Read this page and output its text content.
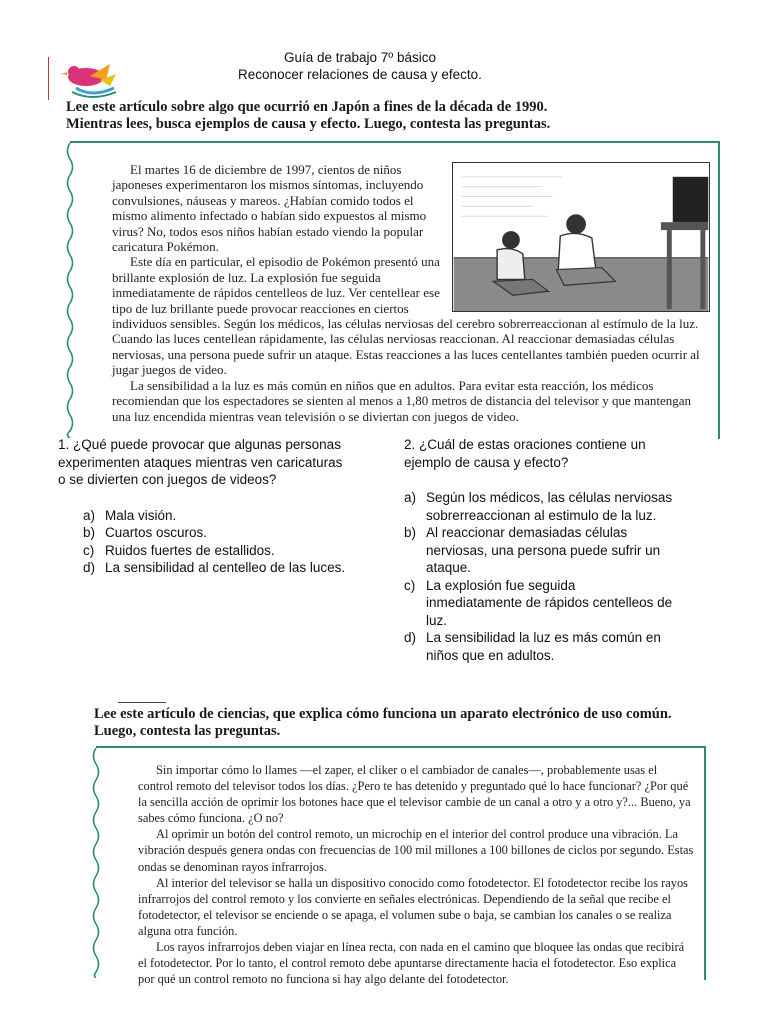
Guía de trabajo 7º básico
Reconocer relaciones de causa y efecto.
Lee este artículo sobre algo que ocurrió en Japón a fines de la década de 1990.
Mientras lees, busca ejemplos de causa y efecto. Luego, contesta las preguntas.

El martes 16 de diciembre de 1997, cientos de niños japoneses experimentaron los mismos síntomas, incluyendo convulsiones, náuseas y mareos. ¿Habían comido todos el mismo alimento infectado o habían sido expuestos al mismo virus? No, todos esos niños habían estado viendo la popular caricatura Pokémon.

Este día en particular, el episodio de Pokémon presentó una brillante explosión de luz. La explosión fue seguida inmediatamente de rápidos centelleos de luz. Ver centellear ese tipo de luz brillante puede provocar reacciones en ciertos individuos sensibles. Según los médicos, las células nerviosas del cerebro sobrerreaccionan al estímulo de la luz. Cuando las luces centellean rápidamente, las células nerviosas reaccionan. Al reaccionar demasiadas células nerviosas, una persona puede sufrir un ataque. Estas reacciones a las luces centellantes también pueden ocurrir al jugar juegos de video.

La sensibilidad a la luz es más común en niños que en adultos. Para evitar esta reacción, los médicos recomiendan que los espectadores se sienten al menos a 1,80 metros de distancia del televisor y que mantengan una luz encendida mientras vean televisión o se diviertan con juegos de video.

1. ¿Qué puede provocar que algunas personas experimenten ataques mientras ven caricaturas o se divierten con juegos de videos?
a) Mala visión.
b) Cuartos oscuros.
c) Ruidos fuertes de estallidos.
d) La sensibilidad al centelleo de las luces.
2. ¿Cuál de estas oraciones contiene un ejemplo de causa y efecto?
a) Según los médicos, las células nerviosas sobrerreaccionan al estimulo de la luz.
b) Al reaccionar demasiadas células nerviosas, una persona puede sufrir un ataque.
c) La explosión fue seguida inmediatamente de rápidos centelleos de luz.
d) La sensibilidad la luz es más común en niños que en adultos.
Lee este artículo de ciencias, que explica cómo funciona un aparato electrónico de uso común.
Luego, contesta las preguntas.

Sin importar cómo lo llames —el zaper, el cliker o el cambiador de canales—, probablemente usas el control remoto del televisor todos los días. ¿Pero te has detenido y preguntado qué lo hace funcionar? ¿Por qué la sencilla acción de oprimir los botones hace que el televisor cambie de un canal a otro y a otro y?... Bueno, ya sabes cómo funciona. ¿O no?

Al oprimir un botón del control remoto, un microchip en el interior del control produce una vibración. La vibración después genera ondas con frecuencias de 100 mil millones a 100 billones de ciclos por segundo. Estas ondas se denominan rayos infrarrojos.

Al interior del televisor se halla un dispositivo conocido como fotodetector. El fotodetector recibe los rayos infrarrojos del control remoto y los convierte en señales electrónicas. Dependiendo de la señal que recibe el fotodetector, el televisor se enciende o se apaga, el volumen sube o baja, se cambian los canales o se realiza alguna otra función.

Los rayos infrarrojos deben viajar en línea recta, con nada en el camino que bloquee las ondas que recibirá el fotodetector. Por lo tanto, el control remoto debe apuntarse directamente hacia el fotodetector. Eso explica por qué un control remoto no funciona si hay algo delante del fotodetector.
